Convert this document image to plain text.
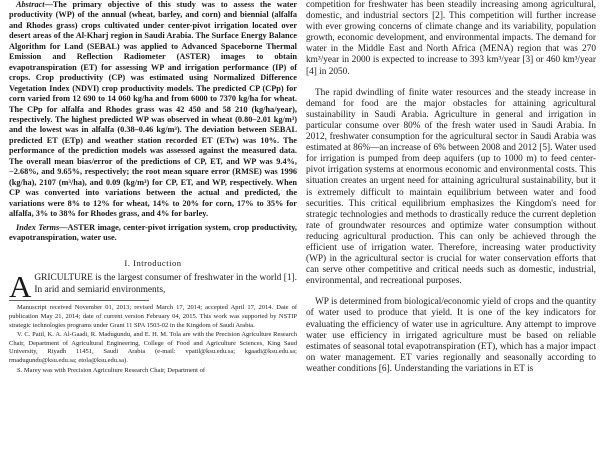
Abstract—The primary objective of this study was to assess the water productivity (WP) of the annual (wheat, barley, and corn) and biennial (alfalfa and Rhodes grass) crops cultivated under center-pivot irrigation located over desert areas of the Al-Kharj region in Saudi Arabia. The Surface Energy Balance Algorithm for Land (SEBAL) was applied to Advanced Spaceborne Thermal Emission and Reflection Radiometer (ASTER) images to obtain evapotranspiration (ET) for assessing WP and irrigation performance (IP) of crops. Crop productivity (CP) was estimated using Normalized Difference Vegetation Index (NDVI) crop productivity models. The predicted CP (CPp) for corn varied from 12 690 to 14 060 kg/ha and from 6000 to 7370 kg/ha for wheat. The CPp for alfalfa and Rhodes grass was 42 450 and 58 210 (kg/ha/year), respectively. The highest predicted WP was observed in wheat (0.80–2.01 kg/m³) and the lowest was in alfalfa (0.38–0.46 kg/m³). The deviation between SEBAL predicted ET (ETp) and weather station recorded ET (ETw) was 10%. The performance of the prediction models was assessed against the measured data. The overall mean bias/error of the predictions of CP, ET, and WP was 9.4%, −2.68%, and 9.65%, respectively; the root mean square error (RMSE) was 1996 (kg/ha), 2107 (m³/ha), and 0.09 (kg/m³) for CP, ET, and WP, respectively. When CP was converted into variations between the actual and predicted, the variations were 8% to 12% for wheat, 14% to 20% for corn, 17% to 35% for alfalfa, 3% to 38% for Rhodes grass, and 4% for barley.

Index Terms—ASTER image, center-pivot irrigation system, crop productivity, evapotranspiration, water use.

I. Introduction

AGRICULTURE is the largest consumer of freshwater in the world [1]. In arid and semiarid environments,

Manuscript received November 01, 2013; revised March 17, 2014; accepted April 17, 2014. Date of publication May 21, 2014; date of current version February 04, 2015. This work was supported by NSTIP strategic technologies programs under Grant 11 SPA 1503-02 in the Kingdom of Saudi Arabia.

V. C. Patil, K. A. Al-Gaadi, R. Madugundu, and E. H. M. Tola are with the Precision Agriculture Research Chair, Department of Agricultural Engineering, College of Food and Agriculture Sciences, King Saud University, Riyadh 11451, Saudi Arabia (e-mail: vpatil@ksu.edu.sa; kgaadi@ksu.edu.sa; rmadugundu@ksu.edu.sa; etola@ksu.edu.sa).

S. Marey was with Precision Agriculture Research Chair, Department of

competition for freshwater has been steadily increasing among agricultural, domestic, and industrial sectors [2]. This competition will further increase with ever growing concerns of climate change and its variability, population growth, economic development, and environmental impacts. The demand for water in the Middle East and North Africa (MENA) region that was 270 km³/year in 2000 is expected to increase to 393 km³/year [3] or 460 km³/year [4] in 2050.

The rapid dwindling of finite water resources and the steady increase in demand for food are the major obstacles for attaining agricultural sustainability in Saudi Arabia. Agriculture in general and irrigation in particular consume over 80% of the fresh water used in Saudi Arabia. In 2012, freshwater consumption for the agricultural sector in Saudi Arabia was estimated at 86%—an increase of 6% between 2008 and 2012 [5]. Water used for irrigation is pumped from deep aquifers (up to 1000 m) to feed center-pivot irrigation systems at enormous economic and environmental costs. This situation creates an urgent need for attaining agricultural sustainability, but it is extremely difficult to maintain equilibrium between water and food securities. This critical equilibrium emphasizes the Kingdom's need for strategic technologies and methods to drastically reduce the current depletion rate of groundwater resources and optimize water consumption without reducing agricultural production. This can only be achieved through the efficient use of irrigation water. Therefore, increasing water productivity (WP) in the agricultural sector is crucial for water conservation efforts that can serve other competitive and critical needs such as domestic, industrial, environmental, and recreational purposes.

WP is determined from biological/economic yield of crops and the quantity of water used to produce that yield. It is one of the key indicators for evaluating the efficiency of water use in agriculture. Any attempt to improve water use efficiency in irrigated agriculture must be based on reliable estimates of seasonal total evapotranspiration (ET), which has a major impact on water management. ET varies regionally and seasonally according to weather conditions [6]. Understanding the variations in ET is
